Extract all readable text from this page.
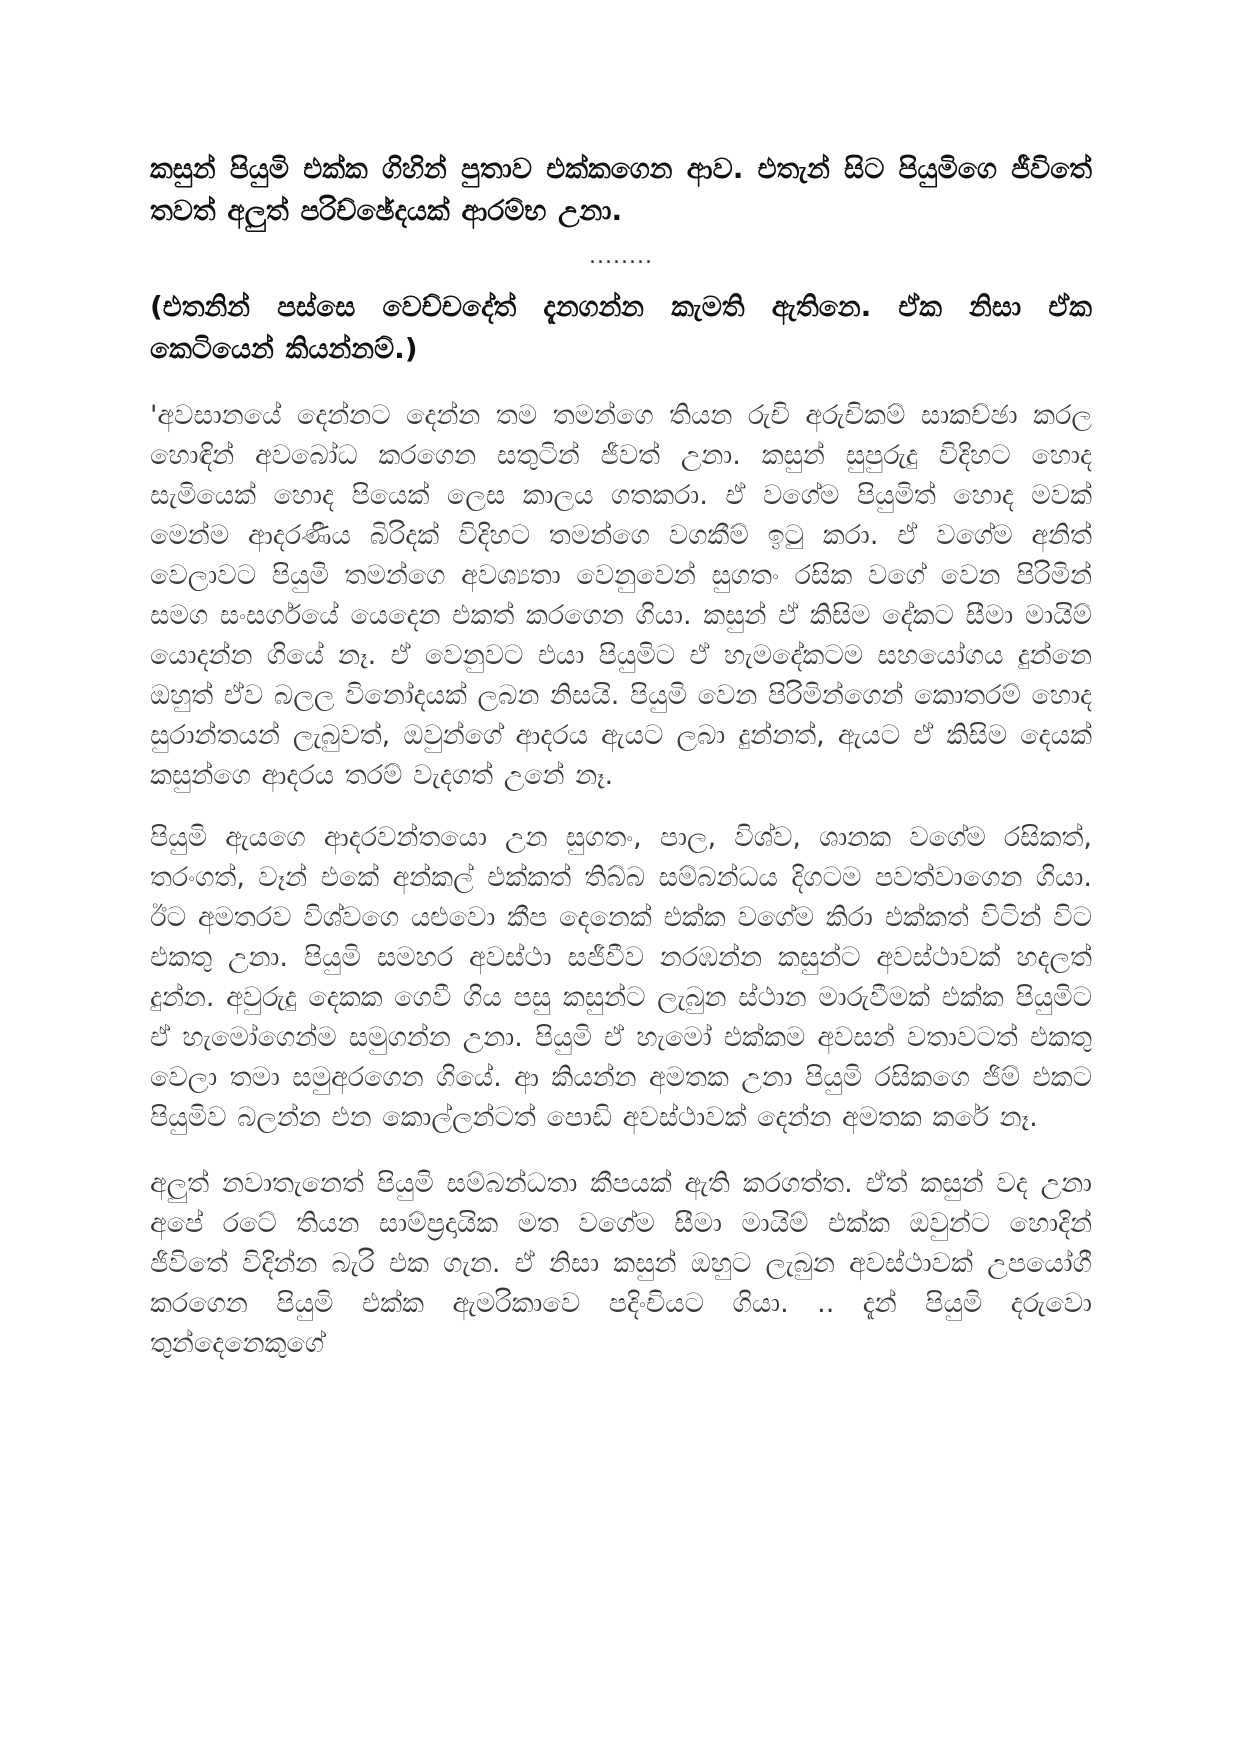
කසුන් පියුමි එක්ක ගිහින් පුතාව එක්කගෙන ආව. එතැන් සිට පියුමිගෙ ජීවිතේ තවත් අලුත් පරිච්ඡේදයක් ආරම්භ උනා.

........

(එතනින් පස්සෙ වෙච්චදේත් දැනගන්න කැමති ඇතිනෙ. ඒක නිසා ඒක කෙටියෙන් කියන්නම්.)

'අවසානයේ දෙන්නට දෙන්න තම තමන්ගෙ තියන රුචි අරුචිකම් සාකච්ඡා කරල හොඳින් අවබෝධ කරගෙන සතුටින් ජීවත් උනා. කසුන් සුපුරුදු විදිහට හොද සැමියෙක් හොද පියෙක් ලෙස කාලය ගතකරා. ඒ වගේම පියුමිත් හොද මවක් මෙන්ම ආදරණීය බිරිදක් විදිහට තමන්ගෙ වගකීම් ඉටු කරා. ඒ වගේම අනිත් වෙලාවට පියුමි තමන්ගෙ අවශ්‍යතා වෙනුවෙන් සුගතං රසික වගේ වෙන පිරිමින් සමග සංසර්ගයේ යෙදෙන එකත් කරගෙන ගියා. කසුන් ඒ කිසිම දේකට සීමා මායිම් යොදන්න ගියේ නෑ. ඒ වෙනුවට එයා පියුමිට ඒ හැමදේකටම සහයෝගය දුන්නෙ ඔහුත් ඒව බලල විනෝදයක් ලබන නිසයි. පියුමි වෙන පිරිමින්ගෙන් කොතරම් හොද සුරාන්තයන් ලැබුවත්, ඔවුන්ගේ ආදරය ඇයට ලබා දුන්නත්, ඇයට ඒ කිසිම දෙයක් කසුන්ගෙ ආදරය තරම් වැදගත් උනේ නෑ.

පියුමි ඇයගෙ ආදරවන්තයො උන සුගතං, පාල, විශ්ව, ශානක වගේම රසිකත්, තරංගත්, වෑන් එකේ අන්කල් එක්කත් තිබ්බ සම්බන්ධය දිගටම පවත්වාගෙන ගියා. ඊට අමතරව විශ්වගෙ යළුවො කීප දෙනෙක් එක්ක වගේම කිරා එක්කත් විටින් විට එකතු උනා. පියුමි සමහර අවස්ථා සජීවීව නරඹන්න කසුන්ට අවස්ථාවක් හදලත් දුන්න. අවුරුදු දෙකක ගෙවී ගිය පසු කසුන්ට ලැබුන ස්ථාන මාරුවීමක් එක්ක පියුමිට ඒ හැමෝගෙන්ම සමුගන්න උනා. පියුමි ඒ හැමෝ එක්කම අවසන් වතාවටත් එකතු වෙලා තමා සමුඅරගෙන ගියේ. ආ කියන්න අමතක උනා පියුමි රසිකගෙ ජිම් එකට පියුමිව බලන්න එන කොල්ලන්ටත් පොඩි අවස්ථාවක් දෙන්න අමතක කරේ නෑ.

අලුත් නවාතැනෙත් පියුමි සම්බන්ධතා කීපයක් ඇති කරගත්ත. ඒත් කසුන් වද උනා අපේ රටේ තියන සාම්ප්‍රදායික මත වගේම සීමා මායිම් එක්ක ඔවුන්ට හොදින් ජීවිතේ විදින්න බැරි එක ගැන. ඒ නිසා කසුන් ඔහුට ලැබුන අවස්ථාවක් උපයෝගී කරගෙන පියුමි එක්ක ඇමරිකාවෙ පදිංචියට ගියා. .. දැන් පියුමි දරුවො තුන්දෙනෙකුගේ
